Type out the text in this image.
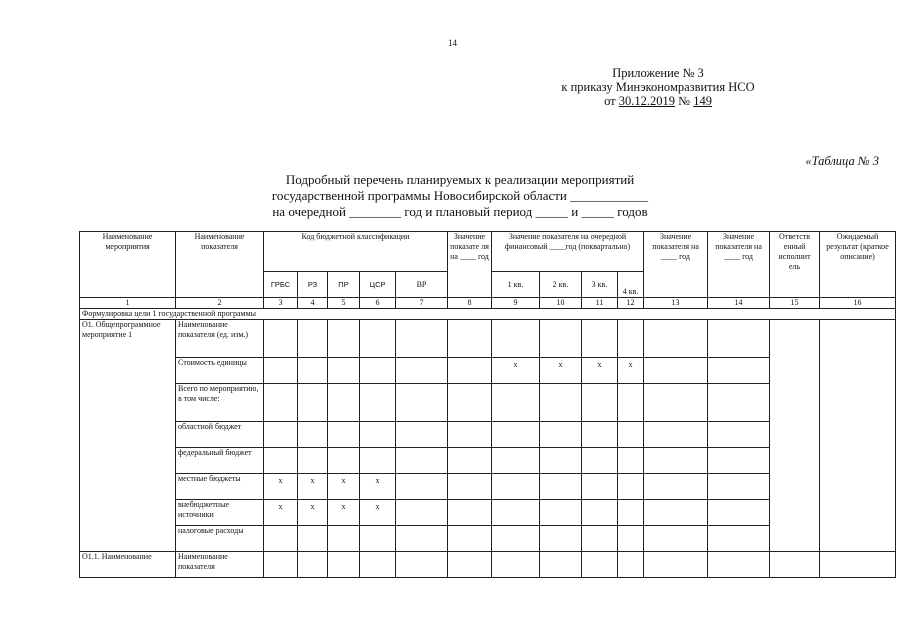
14
Приложение № 3
к приказу Минэкономразвития НСО
от 30.12.2019 № 149
«Таблица № 3
Подробный перечень планируемых к реализации мероприятий
государственной программы Новосибирской области ____________
на очередной ________ год и плановый период _____ и _____ годов
Наименование мероприятия	Наименование показателя	Код бюджетной классификации					Значение показате ля на ____ год	Значение показателя на очередной финансовый ____год (поквартально)				Значение показателя на ____ год	Значение показателя на ____ год	Ответств енный исполнит ель	Ожидаемый результат (краткое описание)
		ГРБС	РЗ	ПР	ЦСР	ВР		1 кв.	2 кв.	3 кв.	4 кв.				
1	2	3	4	5	6	7	8	9	10	11	12	13	14	15	16
Формулировка цели 1 государственной программы															
О1. Общепрограммное мероприятие 1	Наименование показателя (ед. изм.)														
	Стоимость единицы							х	х	х	х				
	Всего по мероприятию, в том числе:														
	областной бюджет														
	федеральный бюджет														
	местные бюджеты	х	х	х	х										
	внебюджетные источники	х	х	х	х										
	налоговые расходы														
О1.1. Наименование	Наименование показателя														
